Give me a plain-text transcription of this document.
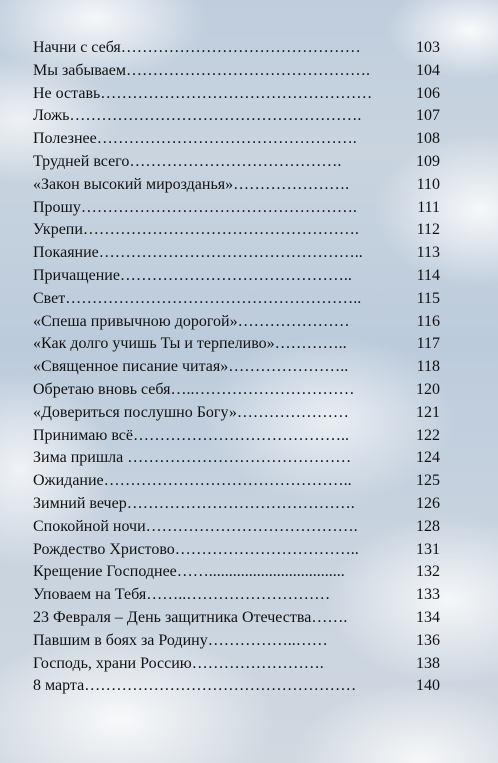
Начни с себя………………………………………	103
Мы забываем……………………………………….	104
Не оставь……………………………………………	106
Ложь……………………………………………….	107
Полезнее………………………………………….	108
Трудней всего………………………………….	109
«Закон высокий мирозданья»………………….	110
Прошу…………………………………………….	111
Укрепи…………………………………………….	112
Покаяние…………………………………………..	113
Причащение……………………………………..	114
Свет………………………………………………..	115
«Спеша привычною дорогой»…………………	116
«Как долго учишь Ты и терпеливо»…………..	117
«Священное писание читая»…………………..	118
Обретаю вновь себя…..…………………………	120
«Довериться послушно Богу»…………………	121
Принимаю всё…………………………………..	122
Зима пришла ……………………………………	124
Ожидание………………………………………..	125
Зимний вечер…………………………………….	126
Спокойной ночи………………………………….	128
Рождество Христово……………………………..	131
Крещение Господнее……..................................	132
Уповаем на Тебя……..………………………	133
23 Февраля – День защитника Отечества…….	134
Павшим в боях за Родину……………..……	136
Господь, храни Россию…………………….	138
8 марта……………………………………………	140
